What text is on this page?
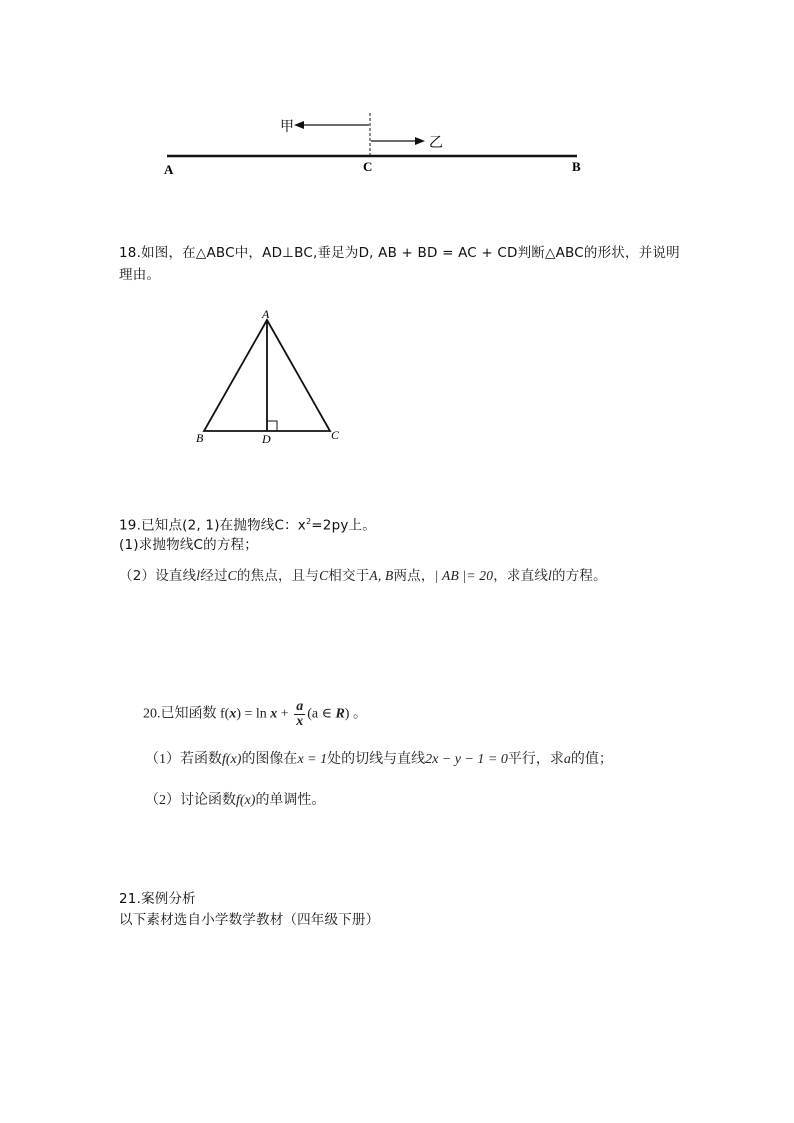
甲
乙
A	C	B
18.如图，在△ABC中，AD⊥BC,垂足为D, AB + BD = AC + CD判断△ABC的形状，并说明
理由。
A
B	D	C
19.已知点(2, 1)在抛物线C：$x^2=2py$上。
(1)求抛物线C的方程；
（2）设直线l经过C的焦点，且与C相交于A, B两点，| AB |= 20，求直线l的方程。
20.已知函数 $f(x) = \ln x + \frac{a}{x} (a$ ∈ R) 。
（1）若函数f(x)的图像在x = 1处的切线与直线2x − y − 1 = 0平行，求a的值；
（2）讨论函数f(x)的单调性。
21.案例分析
以下素材选自小学数学教材（四年级下册）
